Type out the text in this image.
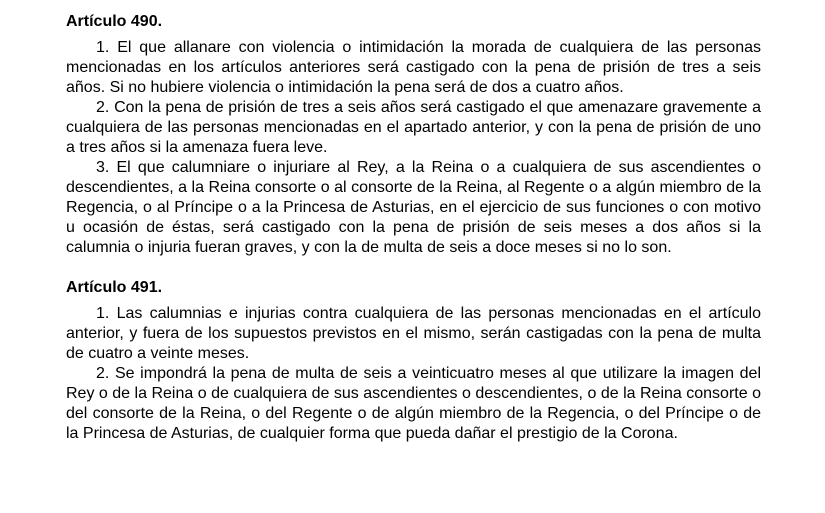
Artículo 490.

1. El que allanare con violencia o intimidación la morada de cualquiera de las personas mencionadas en los artículos anteriores será castigado con la pena de prisión de tres a seis años. Si no hubiere violencia o intimidación la pena será de dos a cuatro años.

2. Con la pena de prisión de tres a seis años será castigado el que amenazare gravemente a cualquiera de las personas mencionadas en el apartado anterior, y con la pena de prisión de uno a tres años si la amenaza fuera leve.

3. El que calumniare o injuriare al Rey, a la Reina o a cualquiera de sus ascendientes o descendientes, a la Reina consorte o al consorte de la Reina, al Regente o a algún miembro de la Regencia, o al Príncipe o a la Princesa de Asturias, en el ejercicio de sus funciones o con motivo u ocasión de éstas, será castigado con la pena de prisión de seis meses a dos años si la calumnia o injuria fueran graves, y con la de multa de seis a doce meses si no lo son.

Artículo 491.

1. Las calumnias e injurias contra cualquiera de las personas mencionadas en el artículo anterior, y fuera de los supuestos previstos en el mismo, serán castigadas con la pena de multa de cuatro a veinte meses.

2. Se impondrá la pena de multa de seis a veinticuatro meses al que utilizare la imagen del Rey o de la Reina o de cualquiera de sus ascendientes o descendientes, o de la Reina consorte o del consorte de la Reina, o del Regente o de algún miembro de la Regencia, o del Príncipe o de la Princesa de Asturias, de cualquier forma que pueda dañar el prestigio de la Corona.
